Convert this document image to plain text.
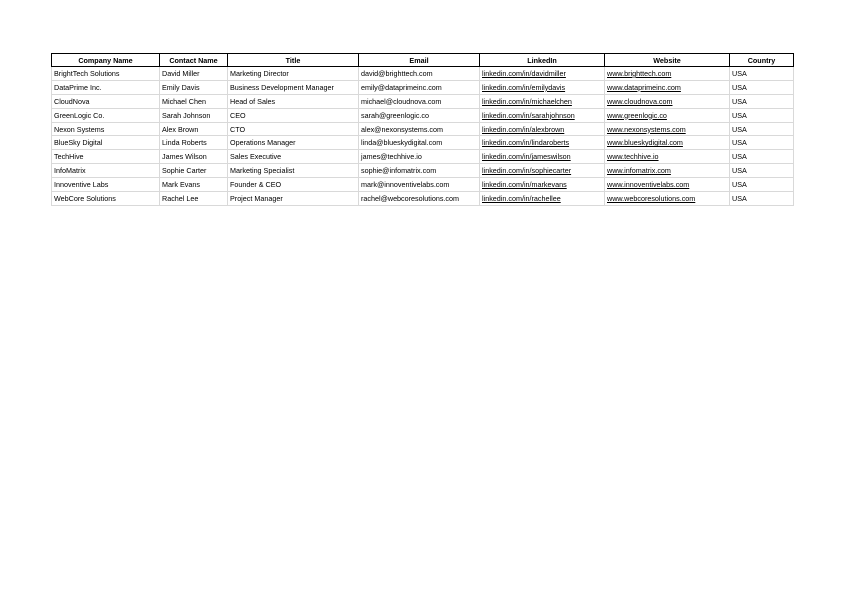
Company Name	Contact Name	Title	Email	LinkedIn	Website	Country
BrightTech Solutions	David Miller	Marketing Director	david@brighttech.com	linkedin.com/in/davidmiller	www.brighttech.com	USA
DataPrime Inc.	Emily Davis	Business Development Manager	emily@dataprimeinc.com	linkedin.com/in/emilydavis	www.dataprimeinc.com	USA
CloudNova	Michael Chen	Head of Sales	michael@cloudnova.com	linkedin.com/in/michaelchen	www.cloudnova.com	USA
GreenLogic Co.	Sarah Johnson	CEO	sarah@greenlogic.co	linkedin.com/in/sarahjohnson	www.greenlogic.co	USA
Nexon Systems	Alex Brown	CTO	alex@nexonsystems.com	linkedin.com/in/alexbrown	www.nexonsystems.com	USA
BlueSky Digital	Linda Roberts	Operations Manager	linda@blueskydigital.com	linkedin.com/in/lindaroberts	www.blueskydigital.com	USA
TechHive	James Wilson	Sales Executive	james@techhive.io	linkedin.com/in/jameswilson	www.techhive.io	USA
InfoMatrix	Sophie Carter	Marketing Specialist	sophie@infomatrix.com	linkedin.com/in/sophiecarter	www.infomatrix.com	USA
Innoventive Labs	Mark Evans	Founder & CEO	mark@innoventivelabs.com	linkedin.com/in/markevans	www.innoventivelabs.com	USA
WebCore Solutions	Rachel Lee	Project Manager	rachel@webcoresolutions.com	linkedin.com/in/rachellee	www.webcoresolutions.com	USA
